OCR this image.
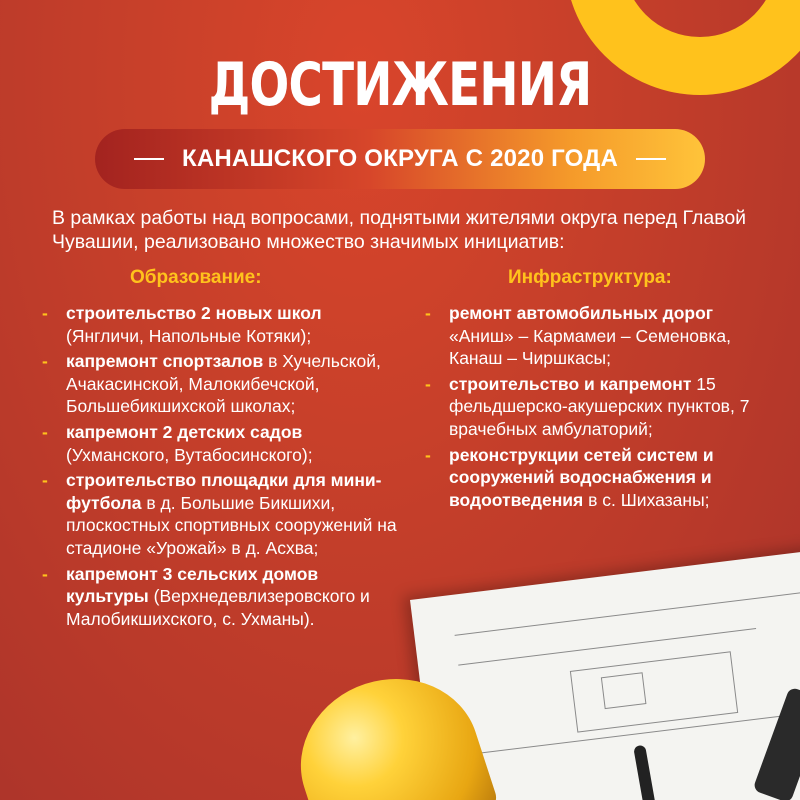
ДОСТИЖЕНИЯ
КАНАШСКОГО ОКРУГА С 2020 ГОДА
В рамках работы над вопросами, поднятыми жителями округа перед Главой Чувашии, реализовано множество значимых инициатив:
Образование:	Инфраструктура:
- строительство 2 новых школ (Янгличи, Напольные Котяки);
- капремонт спортзалов в Хучельской, Ачакасинской, Малокибечской, Большебикшихской школах;
- капремонт 2 детских садов (Ухманского, Вутабосинского);
- строительство площадки для мини-футбола в д. Большие Бикшихи, плоскостных спортивных сооружений на стадионе «Урожай» в д. Асхва;
- капремонт 3 сельских домов культуры (Верхнедевлизеровского и Малобикшихского, с. Ухманы).
- ремонт автомобильных дорог «Аниш» – Кармамеи – Семеновка, Канаш – Чиршкасы;
- строительство и капремонт 15 фельдшерско-акушерских пунктов, 7 врачебных амбулаторий;
- реконструкции сетей систем и сооружений водоснабжения и водоотведения в с. Шихазаны;
